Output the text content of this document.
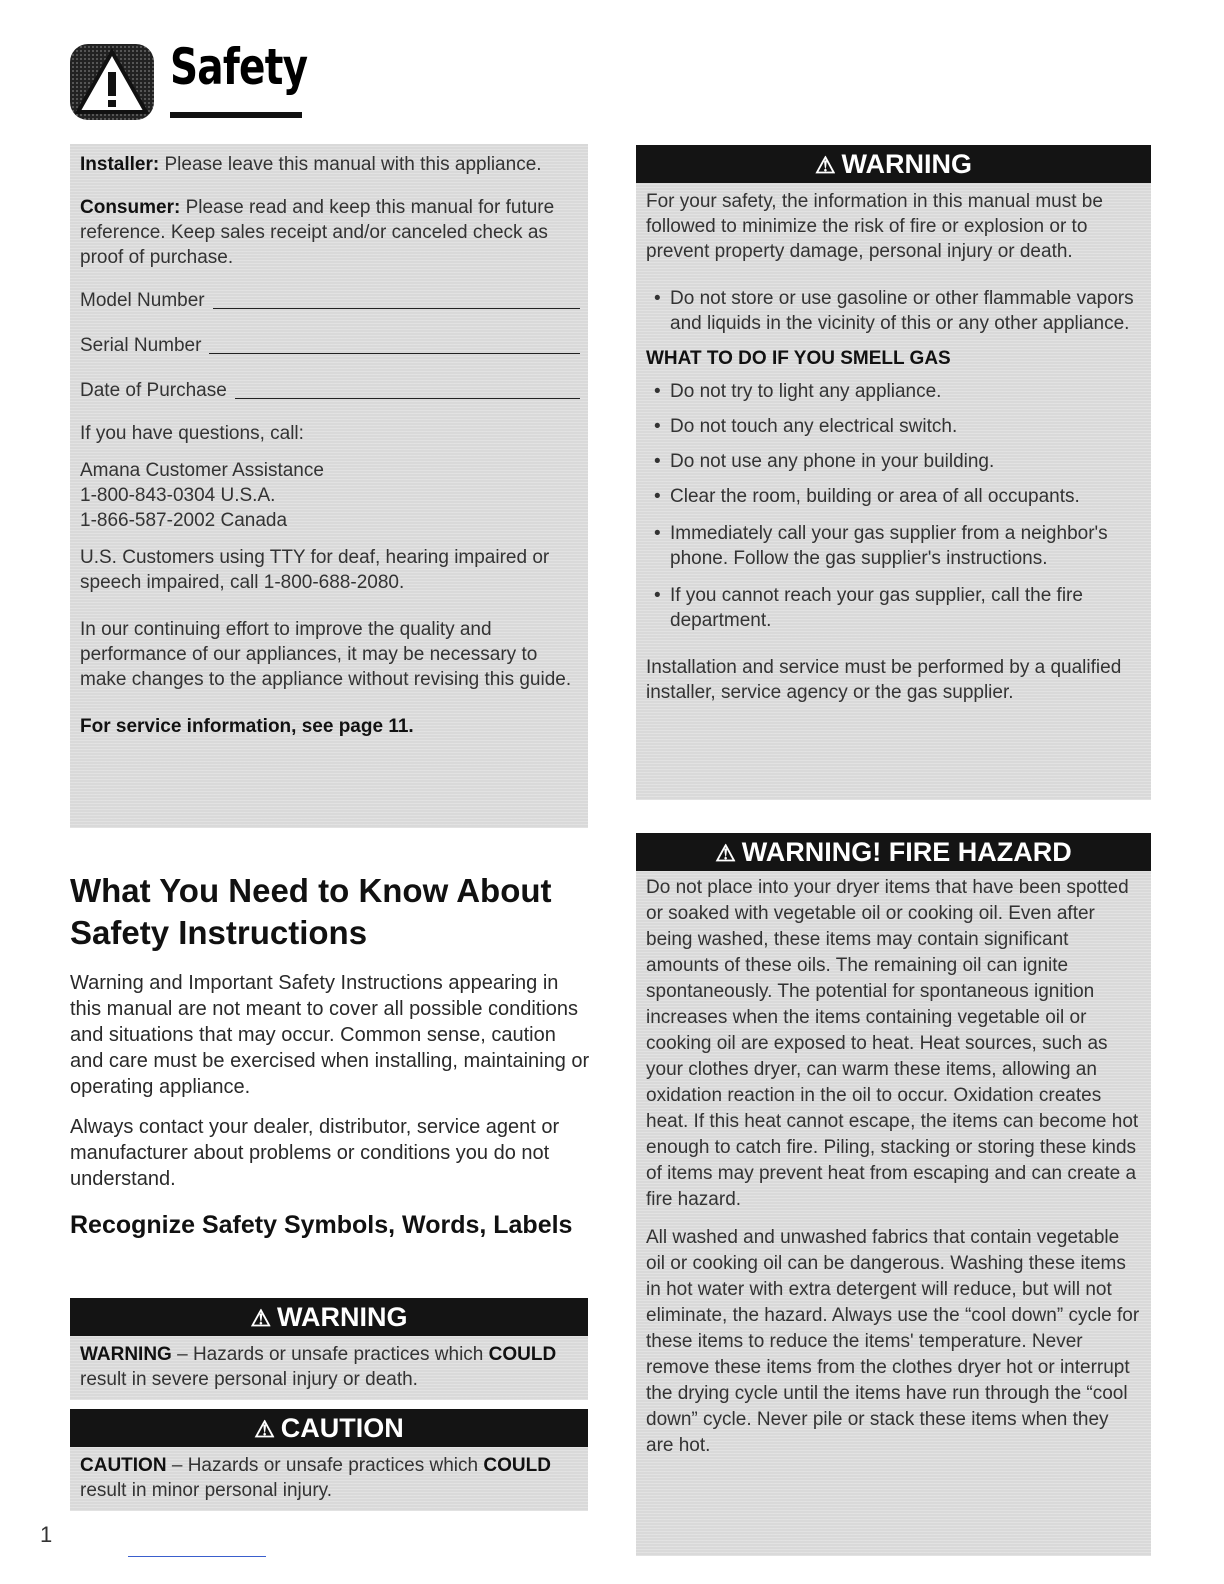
Safety

Installer: Please leave this manual with this appliance.

Consumer: Please read and keep this manual for future reference. Keep sales receipt and/or canceled check as proof of purchase.

Model Number

Serial Number

Date of Purchase

If you have questions, call:

Amana Customer Assistance

1-800-843-0304 U.S.A.

1-866-587-2002 Canada

U.S. Customers using TTY for deaf, hearing impaired or speech impaired, call 1-800-688-2080.

In our continuing effort to improve the quality and performance of our appliances, it may be necessary to make changes to the appliance without revising this guide.

For service information, see page 11.

What You Need to Know About Safety Instructions

Warning and Important Safety Instructions appearing in this manual are not meant to cover all possible conditions and situations that may occur. Common sense, caution and care must be exercised when installing, maintaining or operating appliance.

Always contact your dealer, distributor, service agent or manufacturer about problems or conditions you do not understand.

Recognize Safety Symbols, Words, Labels
⚠ WARNING

WARNING – Hazards or unsafe practices which COULD result in severe personal injury or death.

⚠ CAUTION

CAUTION – Hazards or unsafe practices which COULD result in minor personal injury.

⚠ WARNING

For your safety, the information in this manual must be followed to minimize the risk of fire or explosion or to prevent property damage, personal injury or death.

• Do not store or use gasoline or other flammable vapors and liquids in the vicinity of this or any other appliance.

WHAT TO DO IF YOU SMELL GAS

• Do not try to light any appliance.

• Do not touch any electrical switch.

• Do not use any phone in your building.

• Clear the room, building or area of all occupants.

• Immediately call your gas supplier from a neighbor's phone. Follow the gas supplier's instructions.

• If you cannot reach your gas supplier, call the fire department.

Installation and service must be performed by a qualified installer, service agency or the gas supplier.

⚠ WARNING! FIRE HAZARD

Do not place into your dryer items that have been spotted or soaked with vegetable oil or cooking oil. Even after being washed, these items may contain significant amounts of these oils. The remaining oil can ignite spontaneously. The potential for spontaneous ignition increases when the items containing vegetable oil or cooking oil are exposed to heat. Heat sources, such as your clothes dryer, can warm these items, allowing an oxidation reaction in the oil to occur. Oxidation creates heat. If this heat cannot escape, the items can become hot enough to catch fire. Piling, stacking or storing these kinds of items may prevent heat from escaping and can create a fire hazard.

All washed and unwashed fabrics that contain vegetable oil or cooking oil can be dangerous. Washing these items in hot water with extra detergent will reduce, but will not eliminate, the hazard. Always use the “cool down” cycle for these items to reduce the items' temperature. Never remove these items from the clothes dryer hot or interrupt the drying cycle until the items have run through the “cool down” cycle. Never pile or stack these items when they are hot.

1
